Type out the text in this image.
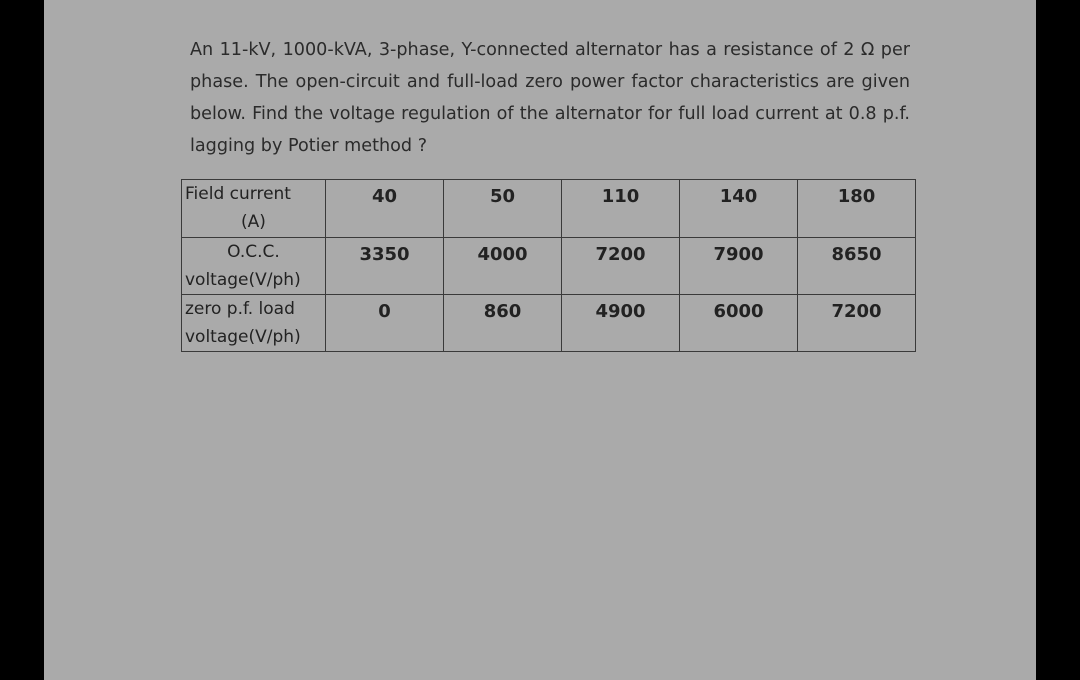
An 11-kV, 1000-kVA, 3-phase, Y-connected alternator has a resistance of 2 Ω per phase. The open-circuit and full-load zero power factor characteristics are given below. Find the voltage regulation of the alternator for full load current at 0.8 p.f. lagging by Potier method ?

Field current
(A)	40	50	110	140	180

O.C.C.
voltage(V/ph)	3350	4000	7200	7900	8650

zero p.f. load
voltage(V/ph)	0	860	4900	6000	7200
